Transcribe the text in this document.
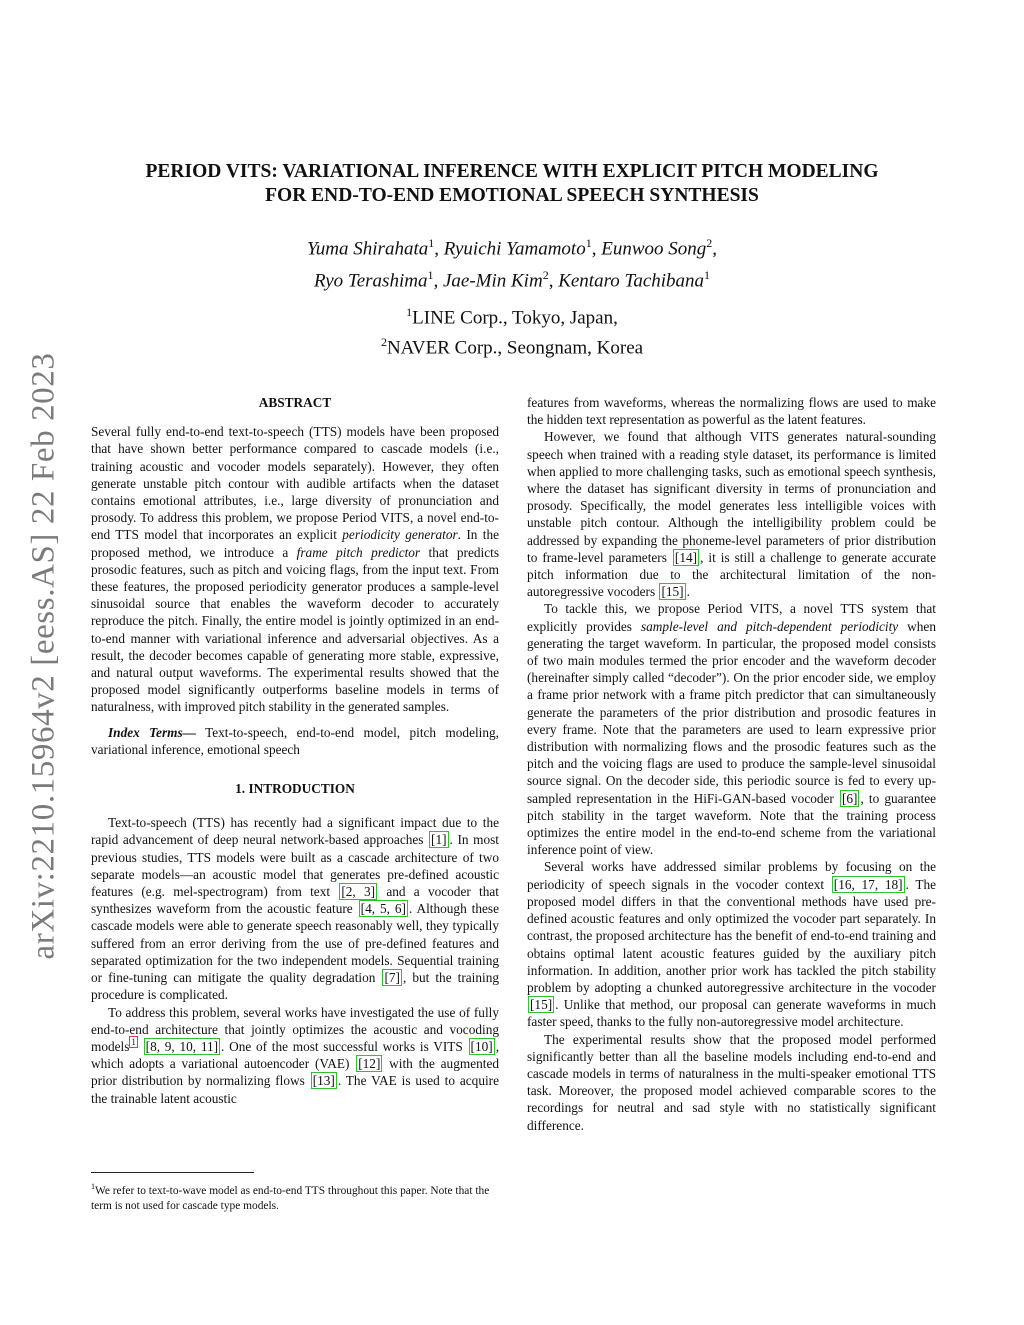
arXiv:2210.15964v2 [eess.AS] 22 Feb 2023
PERIOD VITS: VARIATIONAL INFERENCE WITH EXPLICIT PITCH MODELING
FOR END-TO-END EMOTIONAL SPEECH SYNTHESIS
Yuma Shirahata$^1$, Ryuichi Yamamoto$^1$, Eunwoo Song$^2$,
Ryo Terashima$^1$, Jae-Min Kim$^2$, Kentaro Tachibana$^1$
$^1$LINE Corp., Tokyo, Japan,
$^2$NAVER Corp., Seongnam, Korea
ABSTRACT

Several fully end-to-end text-to-speech (TTS) models have been proposed that have shown better performance compared to cascade models (i.e., training acoustic and vocoder models separately). However, they often generate unstable pitch contour with audible artifacts when the dataset contains emotional attributes, i.e., large diversity of pronunciation and prosody. To address this problem, we propose Period VITS, a novel end-to-end TTS model that incorporates an explicit periodicity generator. In the proposed method, we introduce a frame pitch predictor that predicts prosodic features, such as pitch and voicing flags, from the input text. From these features, the proposed periodicity generator produces a sample-level sinusoidal source that enables the waveform decoder to accurately reproduce the pitch. Finally, the entire model is jointly optimized in an end-to-end manner with variational inference and adversarial objectives. As a result, the decoder becomes capable of generating more stable, expressive, and natural output waveforms. The experimental results showed that the proposed model significantly outperforms baseline models in terms of naturalness, with improved pitch stability in the generated samples.

Index Terms— Text-to-speech, end-to-end model, pitch modeling, variational inference, emotional speech

1. INTRODUCTION

Text-to-speech (TTS) has recently had a significant impact due to the rapid advancement of deep neural network-based approaches [1] . In most previous studies, TTS models were built as a cascade architecture of two separate models—an acoustic model that generates pre-defined acoustic features (e.g. mel-spectrogram) from text [2, 3] and a vocoder that synthesizes waveform from the acoustic feature [4, 5, 6] . Although these cascade models were able to generate speech reasonably well, they typically suffered from an error deriving from the use of pre-defined features and separated optimization for the two independent models. Sequential training or fine-tuning can mitigate the quality degradation [7] , but the training procedure is complicated.

To address this problem, several works have investigated the use of fully end-to-end architecture that jointly optimizes the acoustic and vocoding models $^1$ [8, 9, 10, 11] . One of the most successful works is VITS [10] , which adopts a variational autoencoder (VAE) [12] with the augmented prior distribution by normalizing flows [13] . The VAE is used to acquire the trainable latent acoustic

$^1$We refer to text-to-wave model as end-to-end TTS throughout this paper. Note that the term is not used for cascade type models.

features from waveforms, whereas the normalizing flows are used to make the hidden text representation as powerful as the latent features.

However, we found that although VITS generates natural-sounding speech when trained with a reading style dataset, its performance is limited when applied to more challenging tasks, such as emotional speech synthesis, where the dataset has significant diversity in terms of pronunciation and prosody. Specifically, the model generates less intelligible voices with unstable pitch contour. Although the intelligibility problem could be addressed by expanding the phoneme-level parameters of prior distribution to frame-level parameters [14] , it is still a challenge to generate accurate pitch information due to the architectural limitation of the non-autoregressive vocoders [15] .

To tackle this, we propose Period VITS, a novel TTS system that explicitly provides sample-level and pitch-dependent periodicity when generating the target waveform. In particular, the proposed model consists of two main modules termed the prior encoder and the waveform decoder (hereinafter simply called “decoder”). On the prior encoder side, we employ a frame prior network with a frame pitch predictor that can simultaneously generate the parameters of the prior distribution and prosodic features in every frame. Note that the parameters are used to learn expressive prior distribution with normalizing flows and the prosodic features such as the pitch and the voicing flags are used to produce the sample-level sinusoidal source signal. On the decoder side, this periodic source is fed to every up-sampled representation in the HiFi-GAN-based vocoder [6] , to guarantee pitch stability in the target waveform. Note that the training process optimizes the entire model in the end-to-end scheme from the variational inference point of view.

Several works have addressed similar problems by focusing on the periodicity of speech signals in the vocoder context [16, 17, 18] . The proposed model differs in that the conventional methods have used pre-defined acoustic features and only optimized the vocoder part separately. In contrast, the proposed architecture has the benefit of end-to-end training and obtains optimal latent acoustic features guided by the auxiliary pitch information. In addition, another prior work has tackled the pitch stability problem by adopting a chunked autoregressive architecture in the vocoder [15] . Unlike that method, our proposal can generate waveforms in much faster speed, thanks to the fully non-autoregressive model architecture.

The experimental results show that the proposed model performed significantly better than all the baseline models including end-to-end and cascade models in terms of naturalness in the multi-speaker emotional TTS task. Moreover, the proposed model achieved comparable scores to the recordings for neutral and sad style with no statistically significant difference.
